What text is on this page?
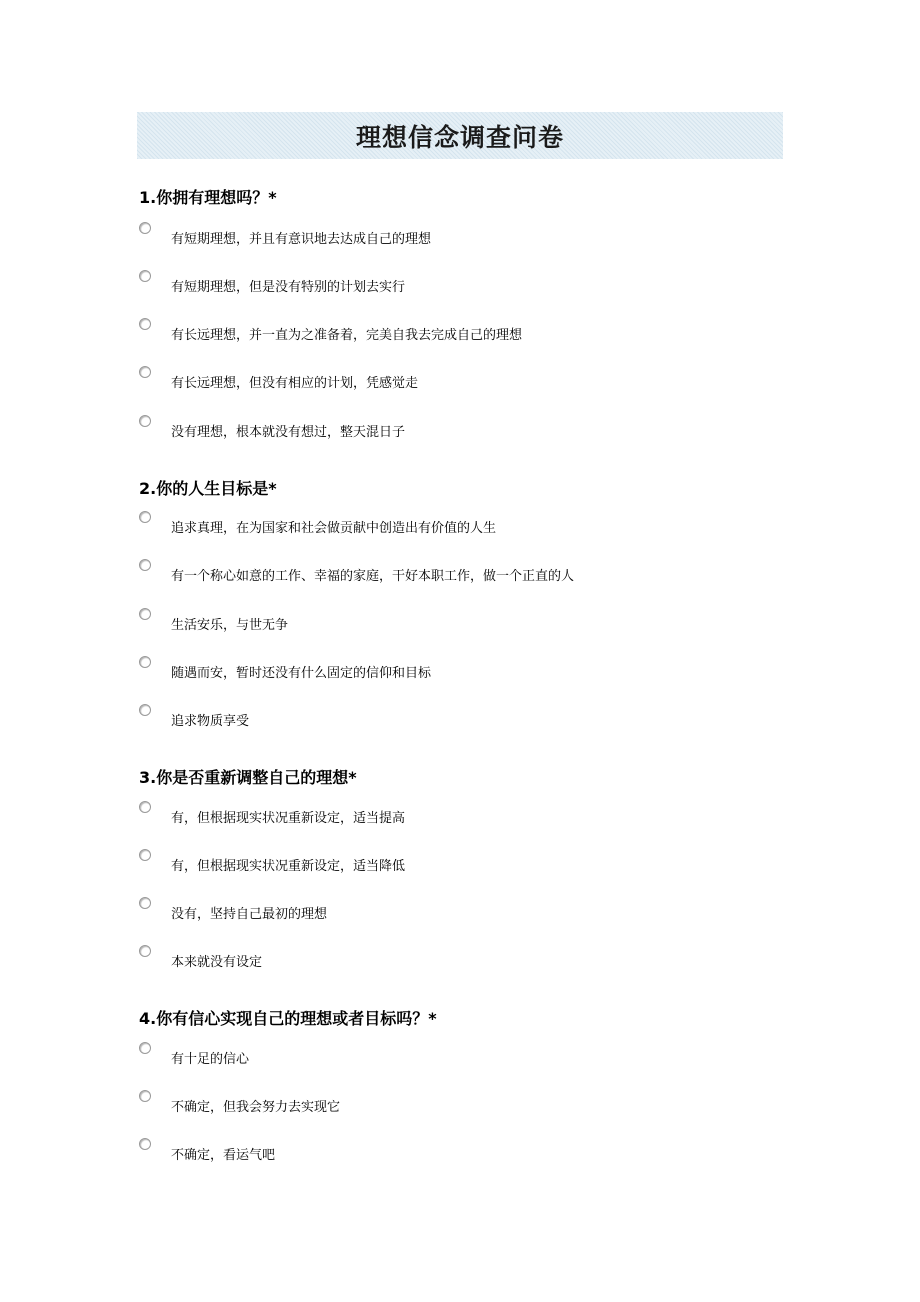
理想信念调查问卷
1.你拥有理想吗？*
有短期理想，并且有意识地去达成自己的理想
有短期理想，但是没有特别的计划去实行
有长远理想，并一直为之准备着，完美自我去完成自己的理想
有长远理想，但没有相应的计划，凭感觉走
没有理想，根本就没有想过，整天混日子
2.你的人生目标是*
追求真理，在为国家和社会做贡献中创造出有价值的人生
有一个称心如意的工作、幸福的家庭，干好本职工作，做一个正直的人
生活安乐，与世无争
随遇而安，暂时还没有什么固定的信仰和目标
追求物质享受
3.你是否重新调整自己的理想*
有，但根据现实状况重新设定，适当提高
有，但根据现实状况重新设定，适当降低
没有，坚持自己最初的理想
本来就没有设定
4.你有信心实现自己的理想或者目标吗？*
有十足的信心
不确定，但我会努力去实现它
不确定，看运气吧
